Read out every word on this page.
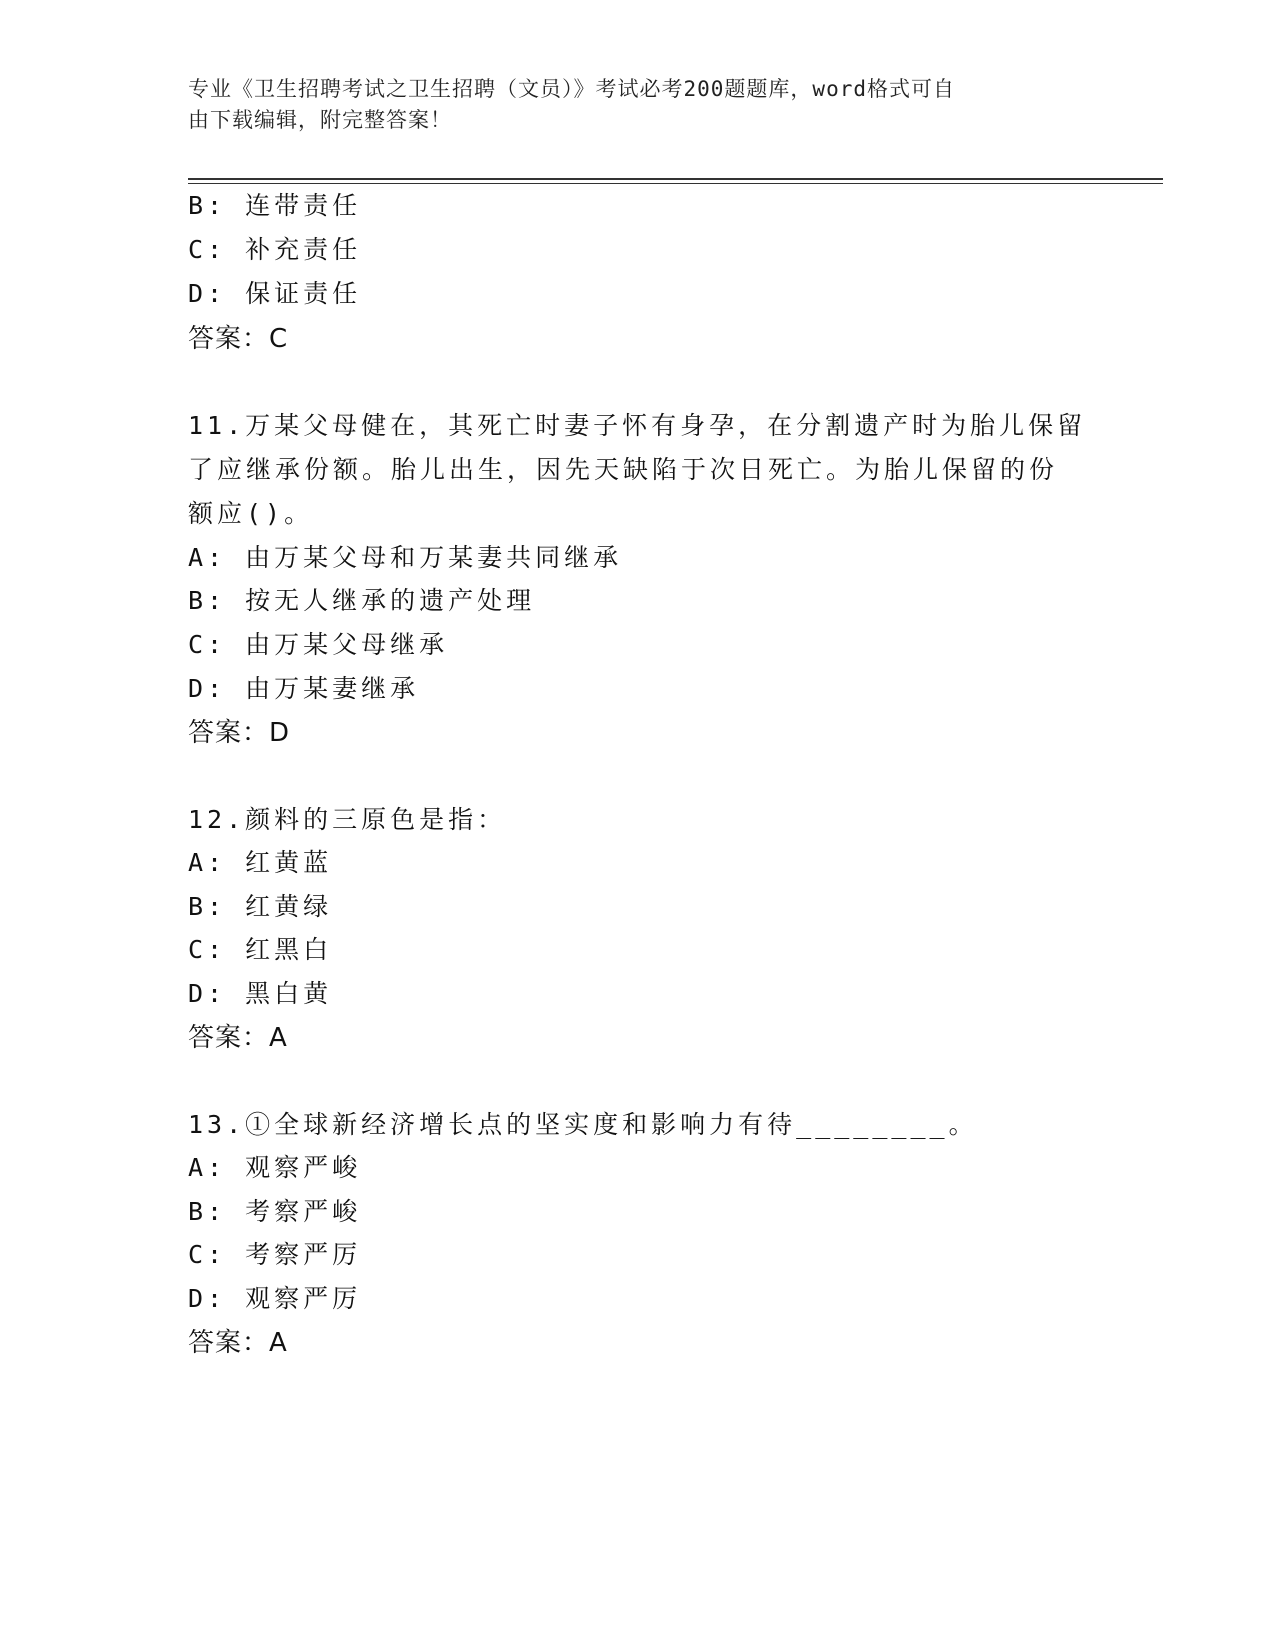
专业《卫生招聘考试之卫生招聘（文员）》考试必考200题题库，word格式可自
由下载编辑，附完整答案！
B: 连带责任
C: 补充责任
D: 保证责任
答案：C
11.万某父母健在，其死亡时妻子怀有身孕，在分割遗产时为胎儿保留
了应继承份额。胎儿出生，因先天缺陷于次日死亡。为胎儿保留的份
额应()。
A: 由万某父母和万某妻共同继承
B: 按无人继承的遗产处理
C: 由万某父母继承
D: 由万某妻继承
答案：D
12.颜料的三原色是指：
A: 红黄蓝
B: 红黄绿
C: 红黑白
D: 黑白黄
答案：A
13.①全球新经济增长点的坚实度和影响力有待________。
A: 观察严峻
B: 考察严峻
C: 考察严厉
D: 观察严厉
答案：A
